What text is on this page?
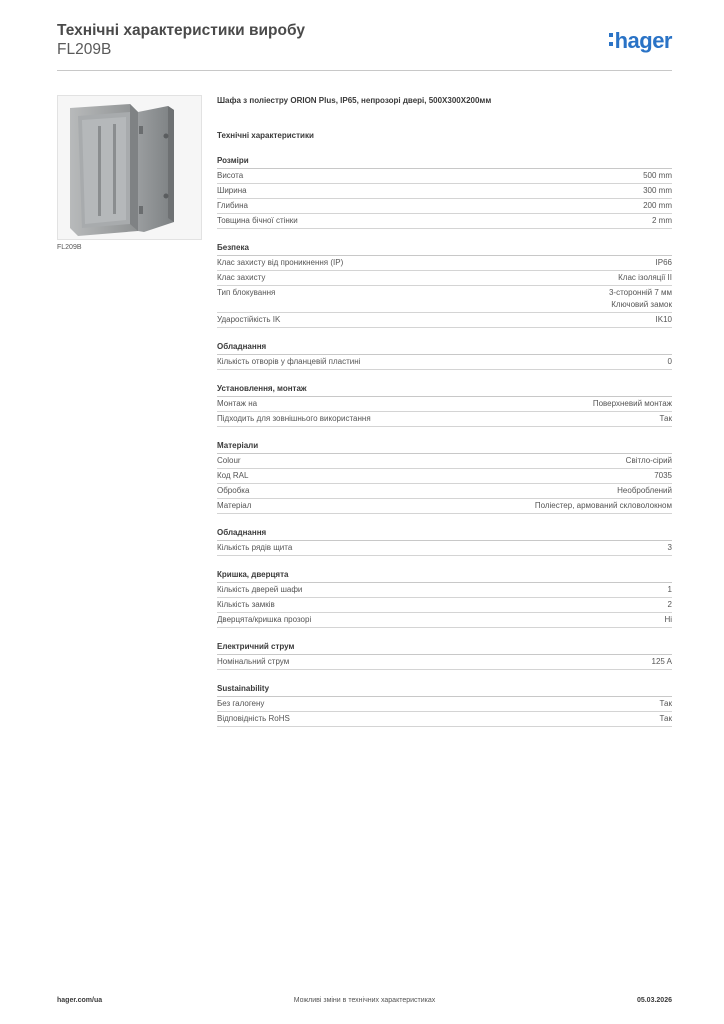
Технічні характеристики виробу
FL209B	hager
FL209B
Шафа з поліестру ORION Plus, IP65, непрозорі двері, 500X300X200мм
Технічні характеристики
Розміри
Висота	500 mm
Ширина	300 mm
Глибина	200 mm
Товщина бічної стінки	2 mm
Безпека
Клас захисту від проникнення (IP)	IP66
Клас захисту	Клас ізоляції II
Тип блокування	3-сторонній 7 мм
Ключовий замок
Ударостійкість IK	IK10
Обладнання
Кількість отворів у фланцевій пластині	0
Установлення, монтаж
Монтаж на	Поверхневий монтаж
Підходить для зовнішнього використання	Так
Матеріали
Colour	Світло-сірий
Код RAL	7035
Обробка	Необроблений
Матеріал	Поліестер, армований скловолокном
Обладнання
Кількість рядів щита	3
Кришка, дверцята
Кількість дверей шафи	1
Кількість замків	2
Дверцята/кришка прозорі	Ні
Електричний струм
Номінальний струм	125 A
Sustainability
Без галогену	Так
Відповідність RoHS	Так
hager.com/ua	Можливі зміни в технічних характеристиках	05.03.2026
